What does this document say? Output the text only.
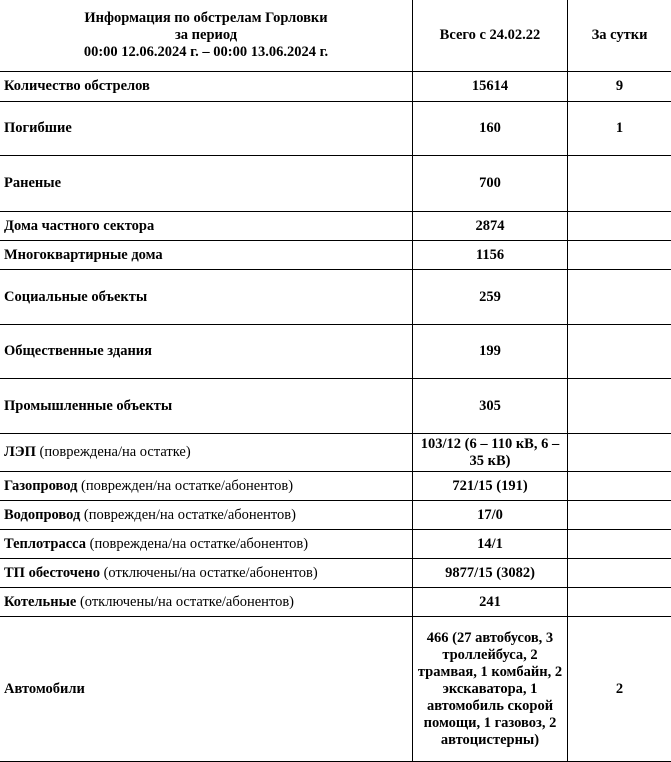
Информация по обстрелам Горловки
за период
00:00 12.06.2024 г. – 00:00 13.06.2024 г.	Всего с 24.02.22	За сутки
Количество обстрелов	15614	9
Погибшие	160	1
Раненые	700	
Дома частного сектора	2874	
Многоквартирные дома	1156	
Социальные объекты	259	
Общественные здания	199	
Промышленные объекты	305	
ЛЭП (повреждена/на остатке)	103/12 (6 – 110 кВ, 6 – 35 кВ)	
Газопровод (поврежден/на остатке/абонентов)	721/15 (191)	
Водопровод (поврежден/на остатке/абонентов)	17/0	
Теплотрасса (повреждена/на остатке/абонентов)	14/1	
ТП обесточено (отключены/на остатке/абонентов)	9877/15 (3082)	
Котельные (отключены/на остатке/абонентов)	241	
Автомобили	466 (27 автобусов, 3 троллейбуса, 2 трамвая, 1 комбайн, 2 экскаватора, 1 автомобиль скорой помощи, 1 газовоз, 2 автоцистерны)	2
